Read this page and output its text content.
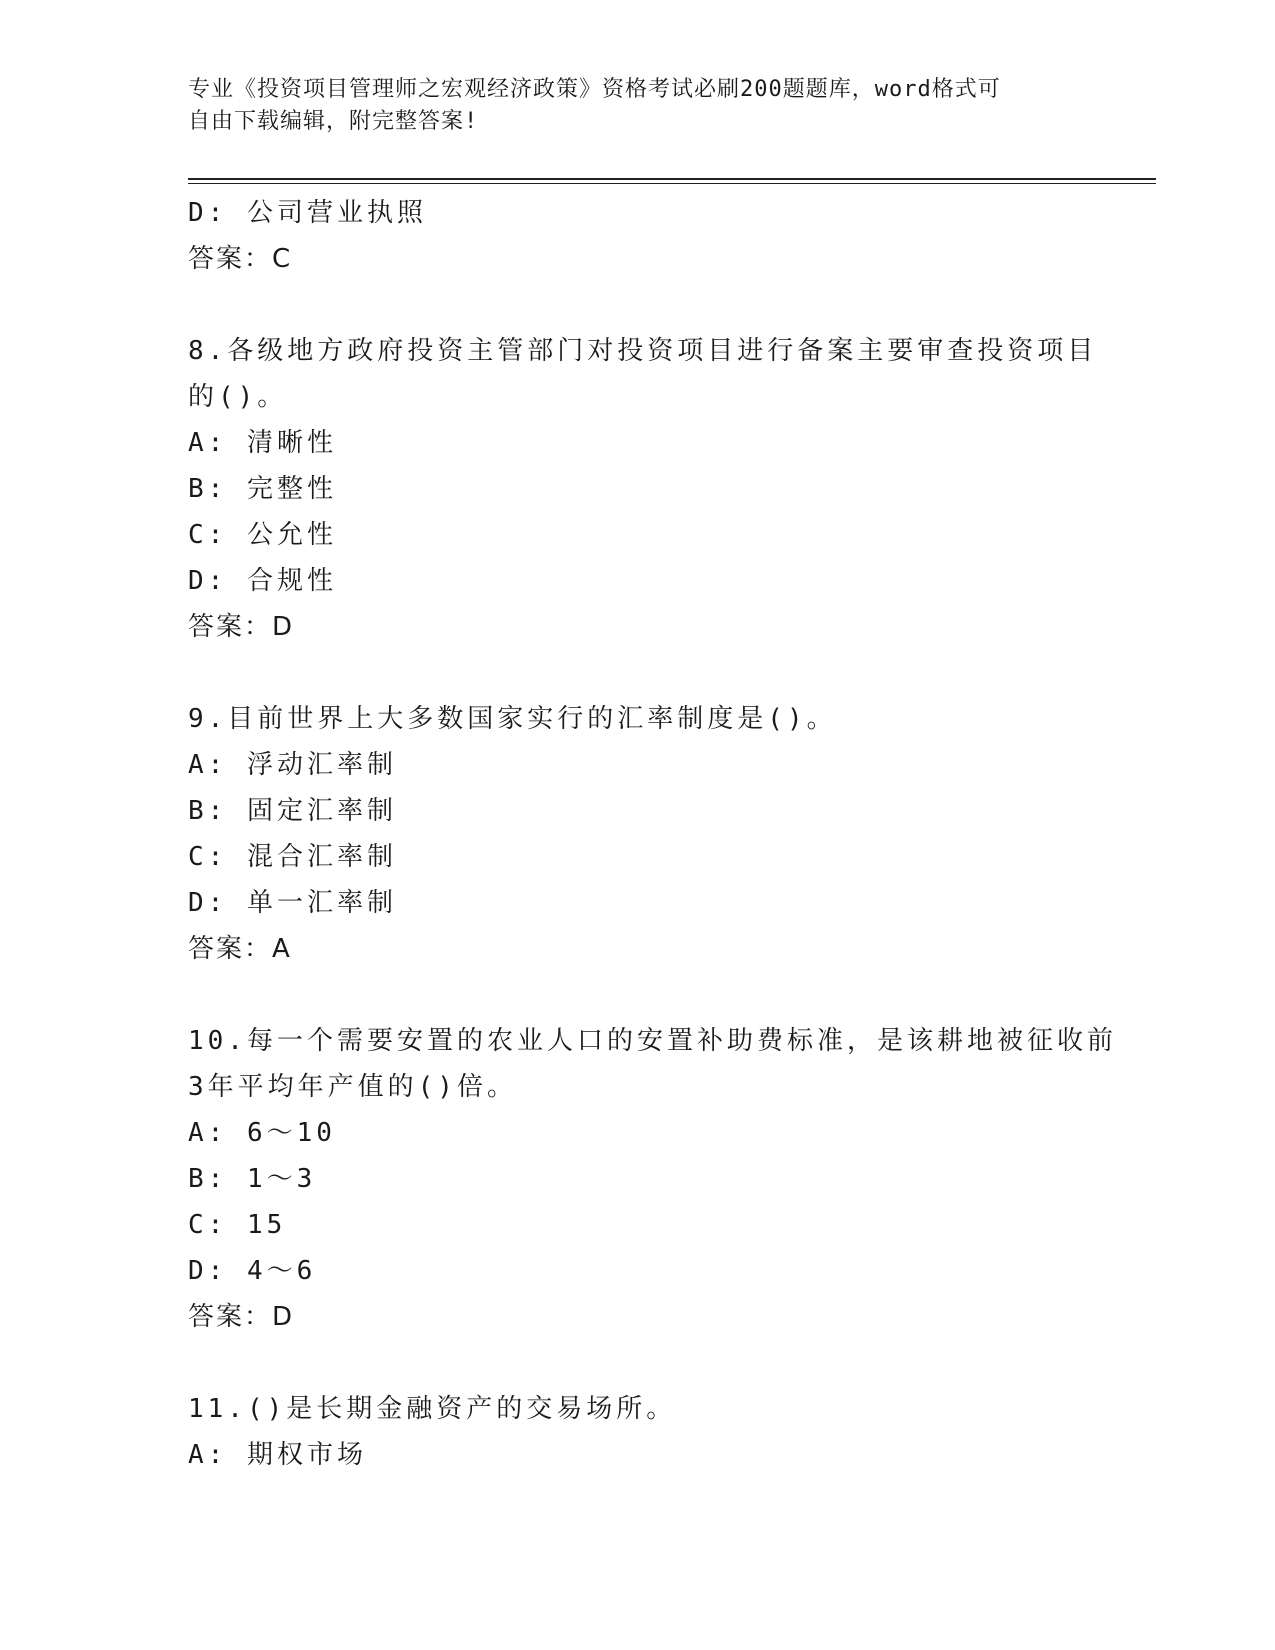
专业《投资项目管理师之宏观经济政策》资格考试必刷200题题库，word格式可
自由下载编辑，附完整答案!
D: 公司营业执照
答案：C
8.各级地方政府投资主管部门对投资项目进行备案主要审查投资项目
的()。
A: 清晰性
B: 完整性
C: 公允性
D: 合规性
答案：D
9.目前世界上大多数国家实行的汇率制度是()。
A: 浮动汇率制
B: 固定汇率制
C: 混合汇率制
D: 单一汇率制
答案：A
10.每一个需要安置的农业人口的安置补助费标准，是该耕地被征收前
3年平均年产值的()倍。
A: 6～10
B: 1～3
C: 15
D: 4～6
答案：D
11.()是长期金融资产的交易场所。
A: 期权市场
